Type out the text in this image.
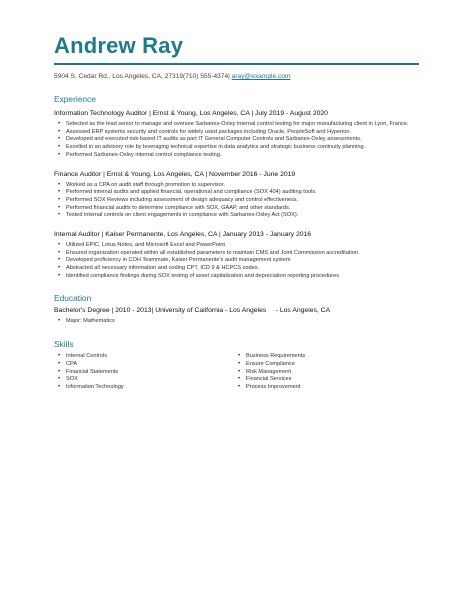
Andrew Ray
5904 S. Cedar Rd., Los Angeles, CA, 27319(710) 555-4374| aray@example.com
Experience
Information Technology Auditor | Ernst & Young, Los Angeles, CA | July 2019 - August 2020
• Selected as the lead senior to manage and oversee Sarbanes-Oxley internal control testing for major manufacturing client in Lyon, France.
• Assessed ERP systems security and controls for widely used packages including Oracle, PeopleSoft and Hyperion.
• Developed and executed risk-based IT audits as part IT General Computer Controls and Sarbanes-Oxley assessments.
• Excelled in an advisory role by leveraging technical expertise in data analytics and strategic business continuity planning.
• Performed Sarbanes-Oxley internal control compliance testing.
Finance Auditor | Ernst & Young, Los Angeles, CA | November 2016 - June 2019
• Worked as a CPA on audit staff through promotion to supervisor.
• Performed internal audits and applied financial, operational and compliance (SOX 404) auditing tools.
• Performed SOX Reviews including assessment of design adequacy and control effectiveness.
• Performed financial audits to determine compliance with SOX, GAAP, and other standards.
• Tested internal controls on client engagements in compliance with Sarbanes-Oxley Act (SOX).
Internal Auditor | Kaiser Permanente, Los Angeles, CA | January 2013 - January 2016
• Utilized EPIC, Lotus Notes, and Microsoft Excel and PowerPoint.
• Ensured organization operated within all established parameters to maintain CMS and Joint Commission accreditation.
• Developed proficiency in COH Teammate, Kaiser Permanente's audit management system
• Abstracted all necessary information and coding CPT, ICD 9 & HCPCS codes.
• Identified compliance findings during SOX testing of asset capitalization and depreciation reporting procedures
Education
Bachelor's Degree | 2010 - 2013| University of California - Los Angeles - Los Angeles, CA
• Major: Mathematics
Skills
• Internal Controls
• CPA
• Financial Statements
• SOX
• Information Technology
• Business Requirements
• Ensure Compliance
• Risk Management
• Financial Services
• Process Improvement
